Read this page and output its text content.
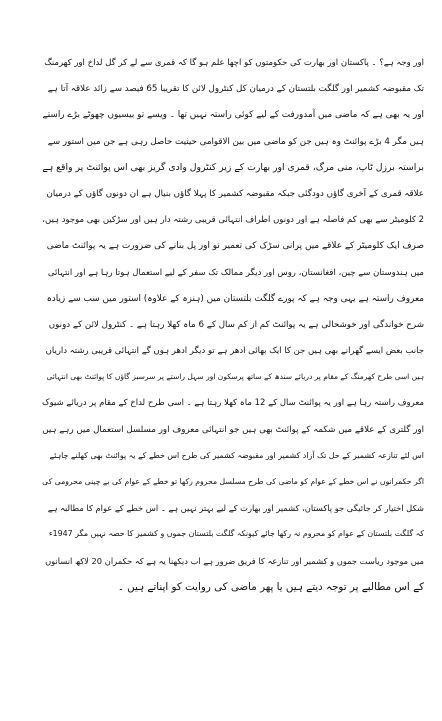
اور وجہ ہے؟ ۔ پاکستان اور بھارت کی حکومتوں کو اچھا علم ہو گا کہ قمری سے لے کر گل لداخ اور کھرمنگ
تک مقبوضہ کشمیر اور گلگت بلتستان کے درمیان کل کنٹرول لائن کا تقریبا 65 فیصد سے زائد علاقہ آتا ہے
اور یہ بھی ہے کہ ماضی میں آمدورفت کے لیے کوئی راستہ نہیں تھا ۔ ویسے تو بیسیوں چھوٹے بڑے راستے
ہیں مگر 4 بڑے پوائنٹ وہ ہیں جن کو ماضی میں بین الاقوامی حیثیت حاصل رہی ہے جن میں استور سے
براستہ برزل ٹاپ، منی مرگ، قمری اور بھارت کے زیر کنٹرول وادی گریز بھی اس پوائنٹ پر واقع ہے
علاقہ قمری کے آخری گاؤں دودگئی جبکہ مقبوضہ کشمیر کا پہلا گاؤں بنیال ہے ان دونوں گاؤں کے درمیان
2 کلومیٹر سے بھی کم فاصلہ ہے اور دونوں اطراف انتہائی قریبی رشتہ دار ہیں اور سڑکیں بھی موجود ہیں،
صرف ایک کلومیٹر کے علاقے میں پرانی سڑک کی تعمیر نو اور پل بنانے کی ضرورت ہے یہ پوائنٹ ماضی
میں ہندوستان سے چین، افغانستان، روس اور دیگر ممالک تک سفر کے لیے استعمال ہوتا رہا ہے اور انتہائی
معروف راستہ ہے یہی وجہ ہے کہ پورے گلگت بلتستان میں (ہنزہ کے علاوہ) استور میں سب سے زیادہ
شرح خواندگی اور خوشحالی ہے یہ پوائنٹ کم از کم سال کے 6 ماہ کھلا رہتا ہے ۔ کنٹرول لائن کے دونوں
جانب بعض ایسے گھرانے بھی ہیں جن کا ایک بھائی ادھر ہے تو دیگر ادھر ہوں گے انتہائی قریبی رشتہ داریاں
ہیں اسی طرح کھرمنگ کے مقام پر دریائے سندھ کے ساتھ پرسکون اور سہل راستے پر سرسبز گاؤں کا پوائنٹ بھی انتہائی
معروف راستہ رہا ہے اور یہ پوائنٹ سال کے 12 ماہ کھلا رہتا ہے ۔ اسی طرح لداخ کے مقام پر دریائے شیوک
اور گلتری کے علاقے میں شکمہ کے پوائنٹ بھی ہیں جو انتہائی معروف اور مسلسل استعمال میں رہے ہیں
اس لئے تنازعہ کشمیر کے حل تک آزاد کشمیر اور مقبوضہ کشمیر کی طرح اس خطے کے یہ پوائنٹ بھی کھلنے چاہئے
اگر حکمرانوں نے اس خطے کے عوام کو ماضی کی طرح مسلسل محروم رکھا تو خطے کے عوام کی بے چینی محرومی کی
شکل اختیار کر جائیگی جو پاکستان، کشمیر اور بھارت کے لیے بہتر نہیں ہے ۔ اس خطے کے عوام کا مطالبہ ہے
کہ گلگت بلتستان کے عوام کو محروم نہ رکھا جائے کیونکہ گلگت بلتستان جموں و کشمیر کا حصہ نہیں مگر 1947ء
میں موجود ریاست جموں و کشمیر اور تنازعہ کا فریق ضرور ہے اب دیکھنا یہ ہے کہ حکمران 20 لاکھ انسانوں
کے اس مطالبے پر توجہ دیتے ہیں یا پھر ماضی کی روایت کو اپناتے ہیں ۔
